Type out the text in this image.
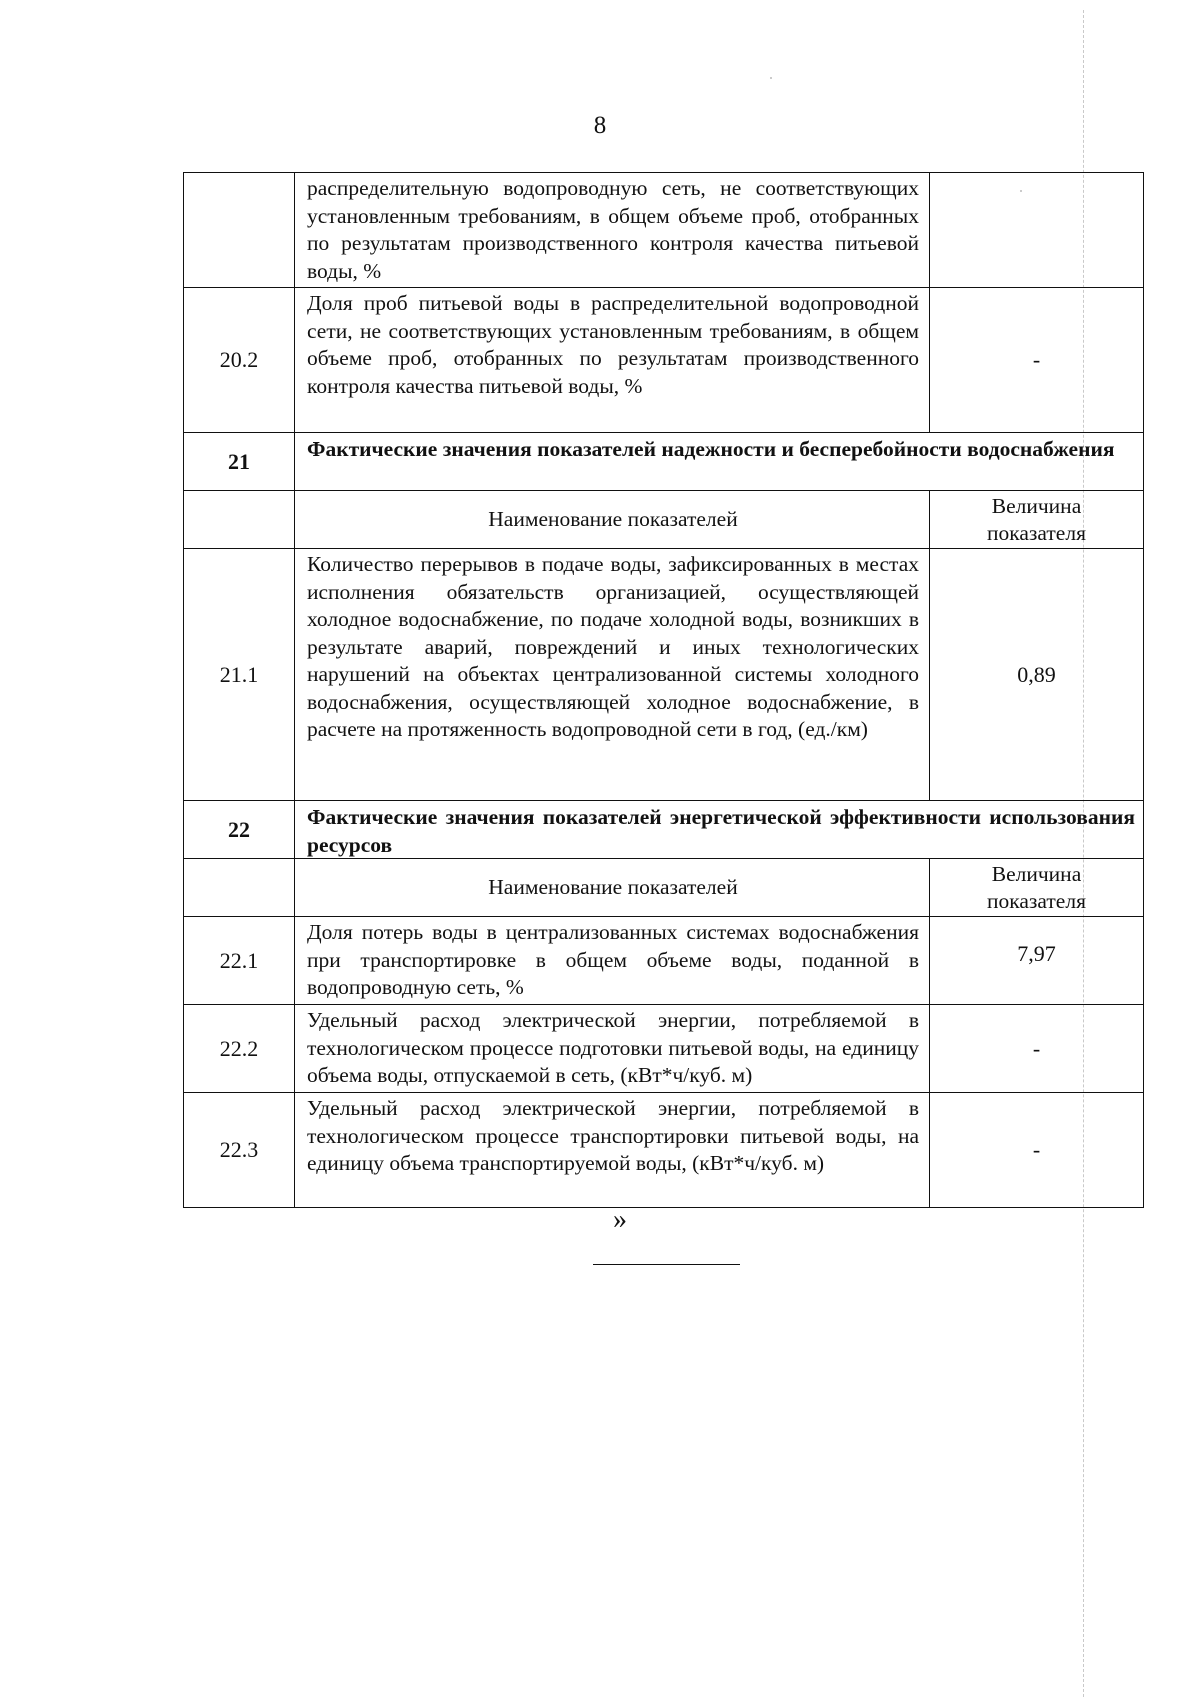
8
распределительную водопроводную сеть, не соответствующих установленным требованиям, в общем объеме проб, отобранных по результатам производственного контроля качества питьевой воды, %
20.2
Доля проб питьевой воды в распределительной водопроводной сети, не соответствующих установленным требованиям, в общем объеме проб, отобранных по результатам производственного контроля качества питьевой воды, %
-
21	Фактические значения показателей надежности и бесперебойности водоснабжения
Наименование показателей
Величина
показателя
21.1
Количество перерывов в подаче воды, зафиксированных в местах исполнения обязательств организацией, осуществляющей холодное водоснабжение, по подаче холодной воды, возникших в результате аварий, повреждений и иных технологических нарушений на объектах централизованной системы холодного водоснабжения, осуществляющей холодное водоснабжение, в расчете на протяженность водопроводной сети в год, (ед./км)
0,89
22	Фактические значения показателей энергетической эффективности использования ресурсов
Наименование показателей
Величина
показателя
22.1
Доля потерь воды в централизованных системах водоснабжения при транспортировке в общем объеме воды, поданной в водопроводную сеть, %
7,97
22.2
Удельный расход электрической энергии, потребляемой в технологическом процессе подготовки питьевой воды, на единицу объема воды, отпускаемой в сеть, (кВт*ч/куб. м)
-
22.3
Удельный расход электрической энергии, потребляемой в технологическом процессе транспортировки питьевой воды, на единицу объема транспортируемой воды, (кВт*ч/куб. м)
-
»
